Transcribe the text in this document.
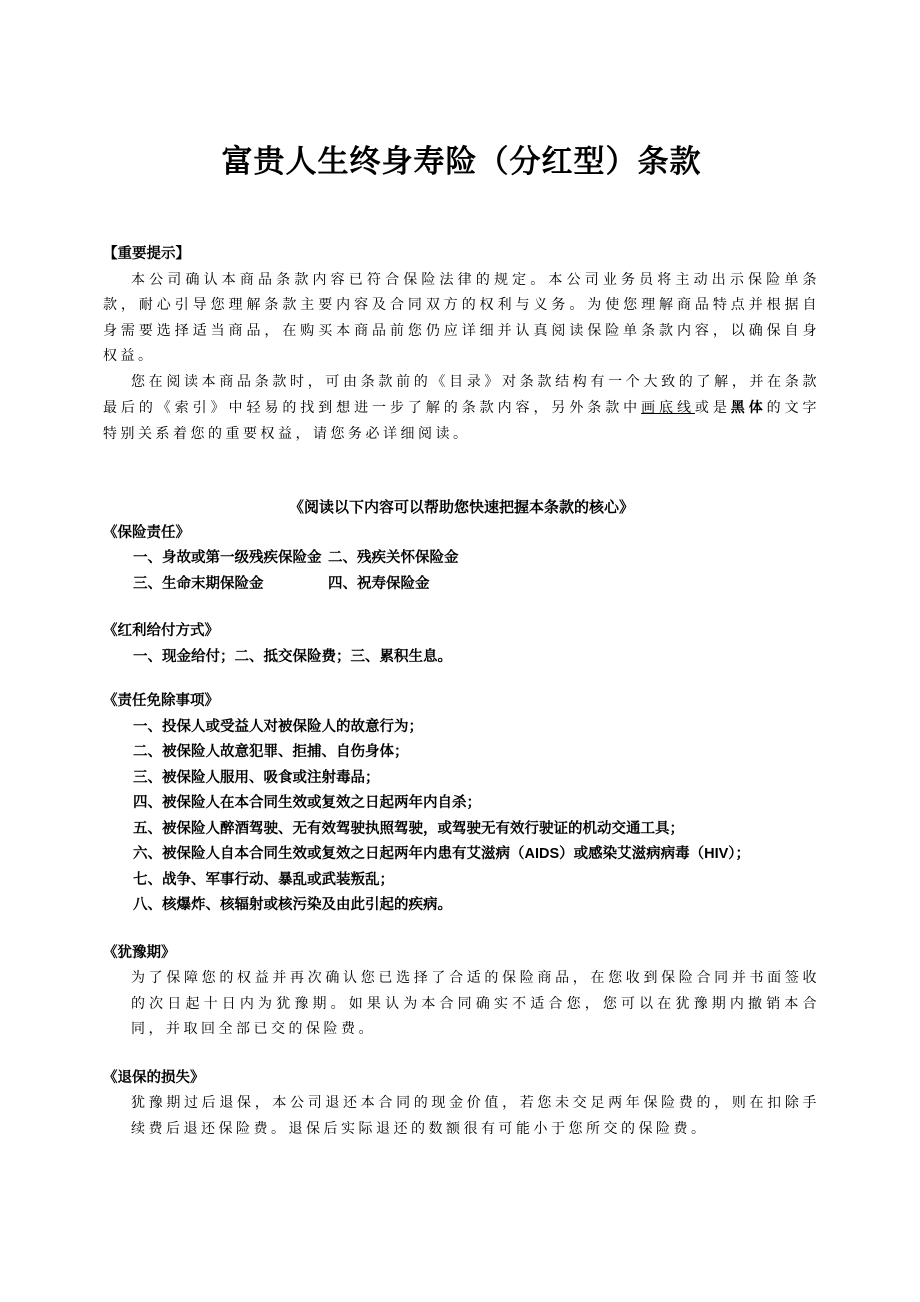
富贵人生终身寿险（分红型）条款
【重要提示】

本公司确认本商品条款内容已符合保险法律的规定。本公司业务员将主动出示保险单条款，耐心引导您理解条款主要内容及合同双方的权利与义务。为使您理解商品特点并根据自身需要选择适当商品，在购买本商品前您仍应详细并认真阅读保险单条款内容，以确保自身权益。

您在阅读本商品条款时，可由条款前的《目录》对条款结构有一个大致的了解，并在条款最后的《索引》中轻易的找到想进一步了解的条款内容，另外条款中画底线或是黑体的文字特别关系着您的重要权益，请您务必详细阅读。

《阅读以下内容可以帮助您快速把握本条款的核心》
《保险责任》
一、身故或第一级残疾保险金 二、残疾关怀保险金
三、生命末期保险金	四、祝寿保险金
《红利给付方式》
一、现金给付；二、抵交保险费；三、累积生息。
《责任免除事项》
一、投保人或受益人对被保险人的故意行为；
二、被保险人故意犯罪、拒捕、自伤身体；
三、被保险人服用、吸食或注射毒品；
四、被保险人在本合同生效或复效之日起两年内自杀；
五、被保险人醉酒驾驶、无有效驾驶执照驾驶，或驾驶无有效行驶证的机动交通工具；
六、被保险人自本合同生效或复效之日起两年内患有艾滋病（AIDS）或感染艾滋病病毒（HIV）；
七、战争、军事行动、暴乱或武装叛乱；
八、核爆炸、核辐射或核污染及由此引起的疾病。
《犹豫期》

为了保障您的权益并再次确认您已选择了合适的保险商品，在您收到保险合同并书面签收的次日起十日内为犹豫期。如果认为本合同确实不适合您，您可以在犹豫期内撤销本合同，并取回全部已交的保险费。

《退保的损失》

犹豫期过后退保，本公司退还本合同的现金价值，若您未交足两年保险费的，则在扣除手续费后退还保险费。退保后实际退还的数额很有可能小于您所交的保险费。
